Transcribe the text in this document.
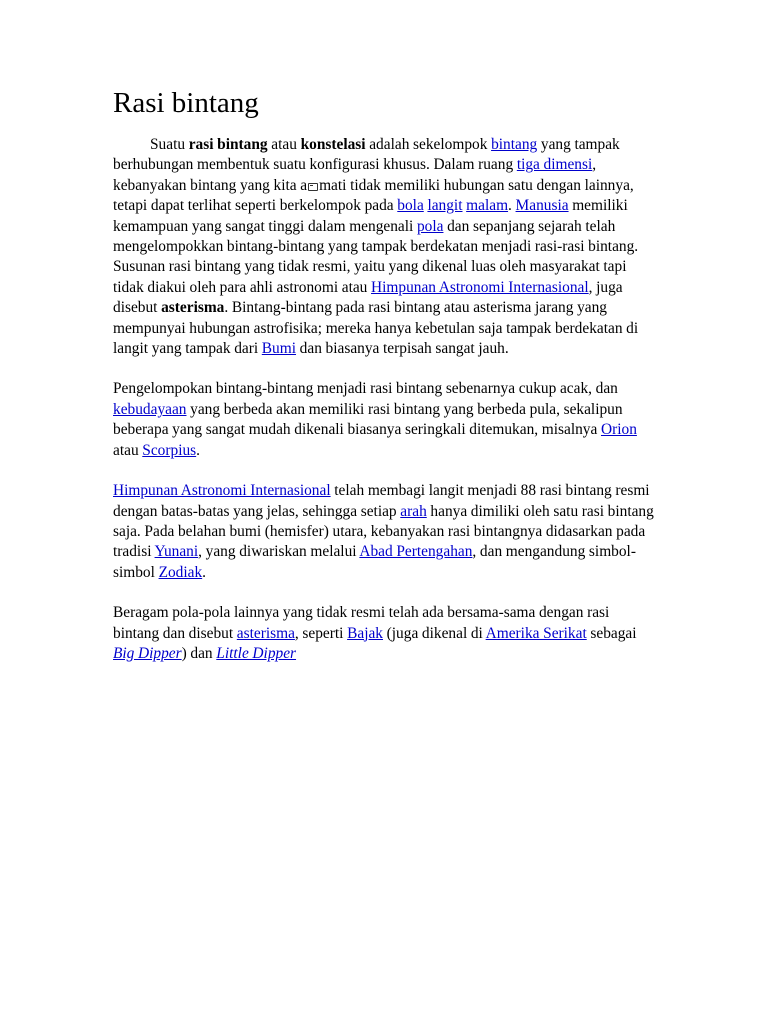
Rasi bintang

Suatu rasi bintang atau konstelasi adalah sekelompok bintang yang tampak berhubungan membentuk suatu konfigurasi khusus. Dalam ruang tiga dimensi, kebanyakan bintang yang kita a mati tidak memiliki hubungan satu dengan lainnya, tetapi dapat terlihat seperti berkelompok pada bola langit malam. Manusia memiliki kemampuan yang sangat tinggi dalam mengenali pola dan sepanjang sejarah telah mengelompokkan bintang-bintang yang tampak berdekatan menjadi rasi-rasi bintang. Susunan rasi bintang yang tidak resmi, yaitu yang dikenal luas oleh masyarakat tapi tidak diakui oleh para ahli astronomi atau Himpunan Astronomi Internasional, juga disebut asterisma. Bintang-bintang pada rasi bintang atau asterisma jarang yang mempunyai hubungan astrofisika; mereka hanya kebetulan saja tampak berdekatan di langit yang tampak dari Bumi dan biasanya terpisah sangat jauh.

Pengelompokan bintang-bintang menjadi rasi bintang sebenarnya cukup acak, dan kebudayaan yang berbeda akan memiliki rasi bintang yang berbeda pula, sekalipun beberapa yang sangat mudah dikenali biasanya seringkali ditemukan, misalnya Orion atau Scorpius.

Himpunan Astronomi Internasional telah membagi langit menjadi 88 rasi bintang resmi dengan batas-batas yang jelas, sehingga setiap arah hanya dimiliki oleh satu rasi bintang saja. Pada belahan bumi (hemisfer) utara, kebanyakan rasi bintangnya didasarkan pada tradisi Yunani, yang diwariskan melalui Abad Pertengahan, dan mengandung simbol-simbol Zodiak.

Beragam pola-pola lainnya yang tidak resmi telah ada bersama-sama dengan rasi bintang dan disebut asterisma, seperti Bajak (juga dikenal di Amerika Serikat sebagai Big Dipper) dan Little Dipper
